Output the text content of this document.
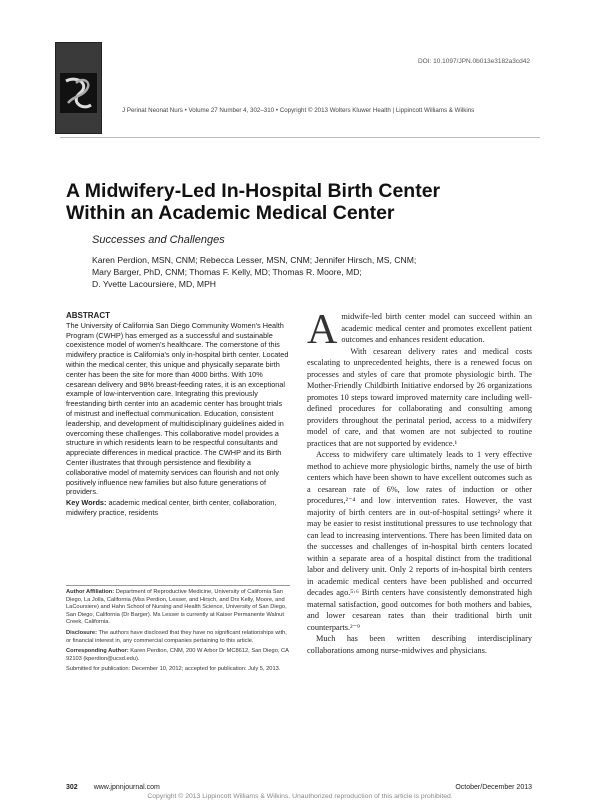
DOI: 10.1097/JPN.0b013e3182a3cd42
J Perinat Neonat Nurs • Volume 27 Number 4, 302–310 • Copyright © 2013 Wolters Kluwer Health | Lippincott Williams & Wilkins
A Midwifery-Led In-Hospital Birth Center
Within an Academic Medical Center
Successes and Challenges
Karen Perdion, MSN, CNM; Rebecca Lesser, MSN, CNM; Jennifer Hirsch, MS, CNM;
Mary Barger, PhD, CNM; Thomas F. Kelly, MD; Thomas R. Moore, MD;
D. Yvette Lacoursiere, MD, MPH
ABSTRACT
The University of California San Diego Community Women's Health Program (CWHP) has emerged as a successful and sustainable coexistence model of women's healthcare. The cornerstone of this midwifery practice is California's only in-hospital birth center. Located within the medical center, this unique and physically separate birth center has been the site for more than 4000 births. With 10% cesarean delivery and 98% breast-feeding rates, it is an exceptional example of low-intervention care. Integrating this previously freestanding birth center into an academic center has brought trials of mistrust and ineffectual communication. Education, consistent leadership, and development of multidisciplinary guidelines aided in overcoming these challenges. This collaborative model provides a structure in which residents learn to be respectful consultants and appreciate differences in medical practice. The CWHP and its Birth Center illustrates that through persistence and flexibility a collaborative model of maternity services can flourish and not only positively influence new families but also future generations of providers.
Key Words: academic medical center, birth center, collaboration, midwifery practice, residents

Author Affiliation: Department of Reproductive Medicine, University of California San Diego, La Jolla, California (Mss Perdion, Lesser, and Hirsch, and Drs Kelly, Moore, and LaCoursiere) and Hahn School of Nursing and Health Science, University of San Diego, San Diego, California (Dr Barger). Ms Lesser is currently at Kaiser Permanente Walnut Creek, California.

Disclosure: The authors have disclosed that they have no significant relationships with, or financial interest in, any commercial companies pertaining to this article.

Corresponding Author: Karen Perdion, CNM, 200 W Arbor Dr MC8612, San Diego, CA 92103 (kperdion@ucsd.edu).

Submitted for publication: December 10, 2012; accepted for publication: July 5, 2013.

Amidwife-led birth center model can succeed within an academic medical center and promotes excellent patient outcomes and enhances resident education.

With cesarean delivery rates and medical costs escalating to unprecedented heights, there is a renewed focus on processes and styles of care that promote physiologic birth. The Mother-Friendly Childbirth Initiative endorsed by 26 organizations promotes 10 steps toward improved maternity care including well-defined procedures for collaborating and consulting among providers throughout the perinatal period, access to a midwifery model of care, and that women are not subjected to routine practices that are not supported by evidence.¹

Access to midwifery care ultimately leads to 1 very effective method to achieve more physiologic births, namely the use of birth centers which have been shown to have excellent outcomes such as a cesarean rate of 6%, low rates of induction or other procedures,²⁻⁴ and low intervention rates. However, the vast majority of birth centers are in out-of-hospital settings² where it may be easier to resist institutional pressures to use technology that can lead to increasing interventions. There has been limited data on the successes and challenges of in-hospital birth centers located within a separate area of a hospital distinct from the traditional labor and delivery unit. Only 2 reports of in-hospital birth centers in academic medical centers have been published and occurred decades ago.⁵·⁶ Birth centers have consistently demonstrated high maternal satisfaction, good outcomes for both mothers and babies, and lower cesarean rates than their traditional birth unit counterparts.²⁻⁹

Much has been written describing interdisciplinary collaborations among nurse-midwives and physicians.

302 www.jpnnjournal.com	October/December 2013
Copyright © 2013 Lippincott Williams & Wilkins. Unauthorized reproduction of this article is prohibited.
